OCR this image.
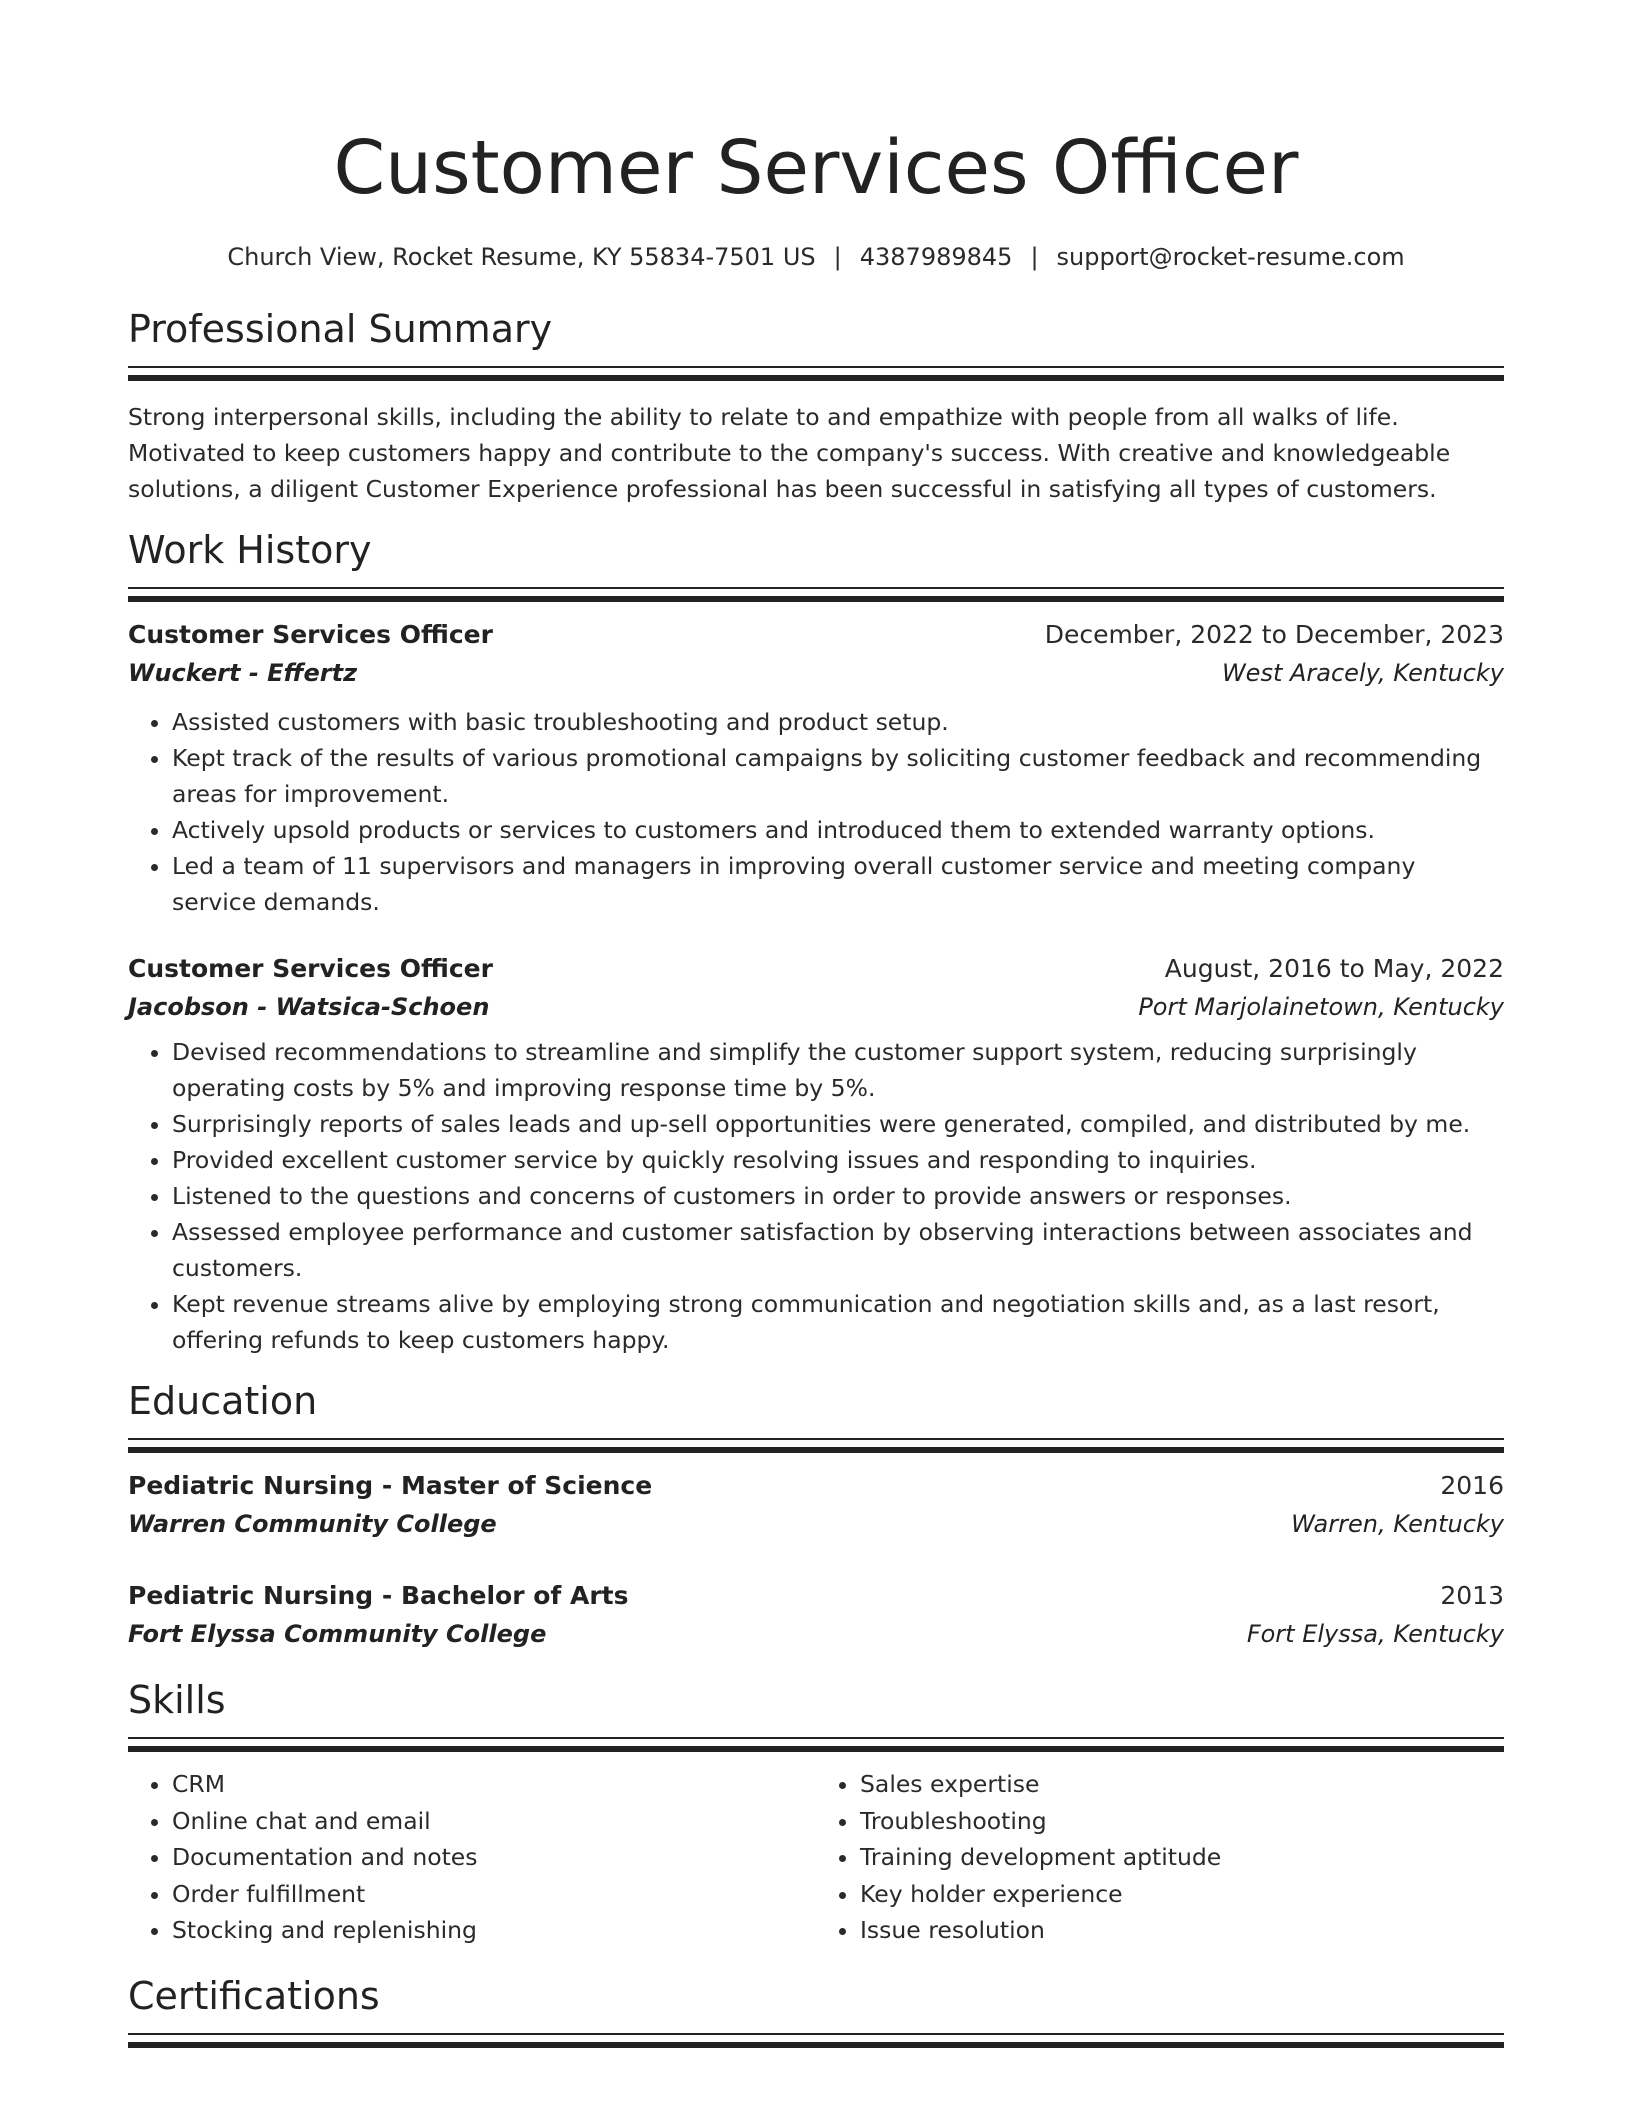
Customer Services Officer
Church View, Rocket Resume, KY 55834-7501 US | 4387989845 | support@rocket-resume.com
Professional Summary
Strong interpersonal skills, including the ability to relate to and empathize with people from all walks of life. Motivated to keep customers happy and contribute to the company's success. With creative and knowledgeable solutions, a diligent Customer Experience professional has been successful in satisfying all types of customers.
Work History
Customer Services Officer	December, 2022 to December, 2023
Wuckert - Effertz	West Aracely, Kentucky
• Assisted customers with basic troubleshooting and product setup.
• Kept track of the results of various promotional campaigns by soliciting customer feedback and recommending areas for improvement.
• Actively upsold products or services to customers and introduced them to extended warranty options.
• Led a team of 11 supervisors and managers in improving overall customer service and meeting company service demands.
Customer Services Officer	August, 2016 to May, 2022
Jacobson - Watsica-Schoen	Port Marjolainetown, Kentucky
• Devised recommendations to streamline and simplify the customer support system, reducing surprisingly operating costs by 5% and improving response time by 5%.
• Surprisingly reports of sales leads and up-sell opportunities were generated, compiled, and distributed by me.
• Provided excellent customer service by quickly resolving issues and responding to inquiries.
• Listened to the questions and concerns of customers in order to provide answers or responses.
• Assessed employee performance and customer satisfaction by observing interactions between associates and customers.
• Kept revenue streams alive by employing strong communication and negotiation skills and, as a last resort, offering refunds to keep customers happy.
Education
Pediatric Nursing - Master of Science	2016
Warren Community College	Warren, Kentucky
Pediatric Nursing - Bachelor of Arts	2013
Fort Elyssa Community College	Fort Elyssa, Kentucky
Skills
• CRM
• Online chat and email
• Documentation and notes
• Order fulfillment
• Stocking and replenishing
• Sales expertise
• Troubleshooting
• Training development aptitude
• Key holder experience
• Issue resolution
Certifications
